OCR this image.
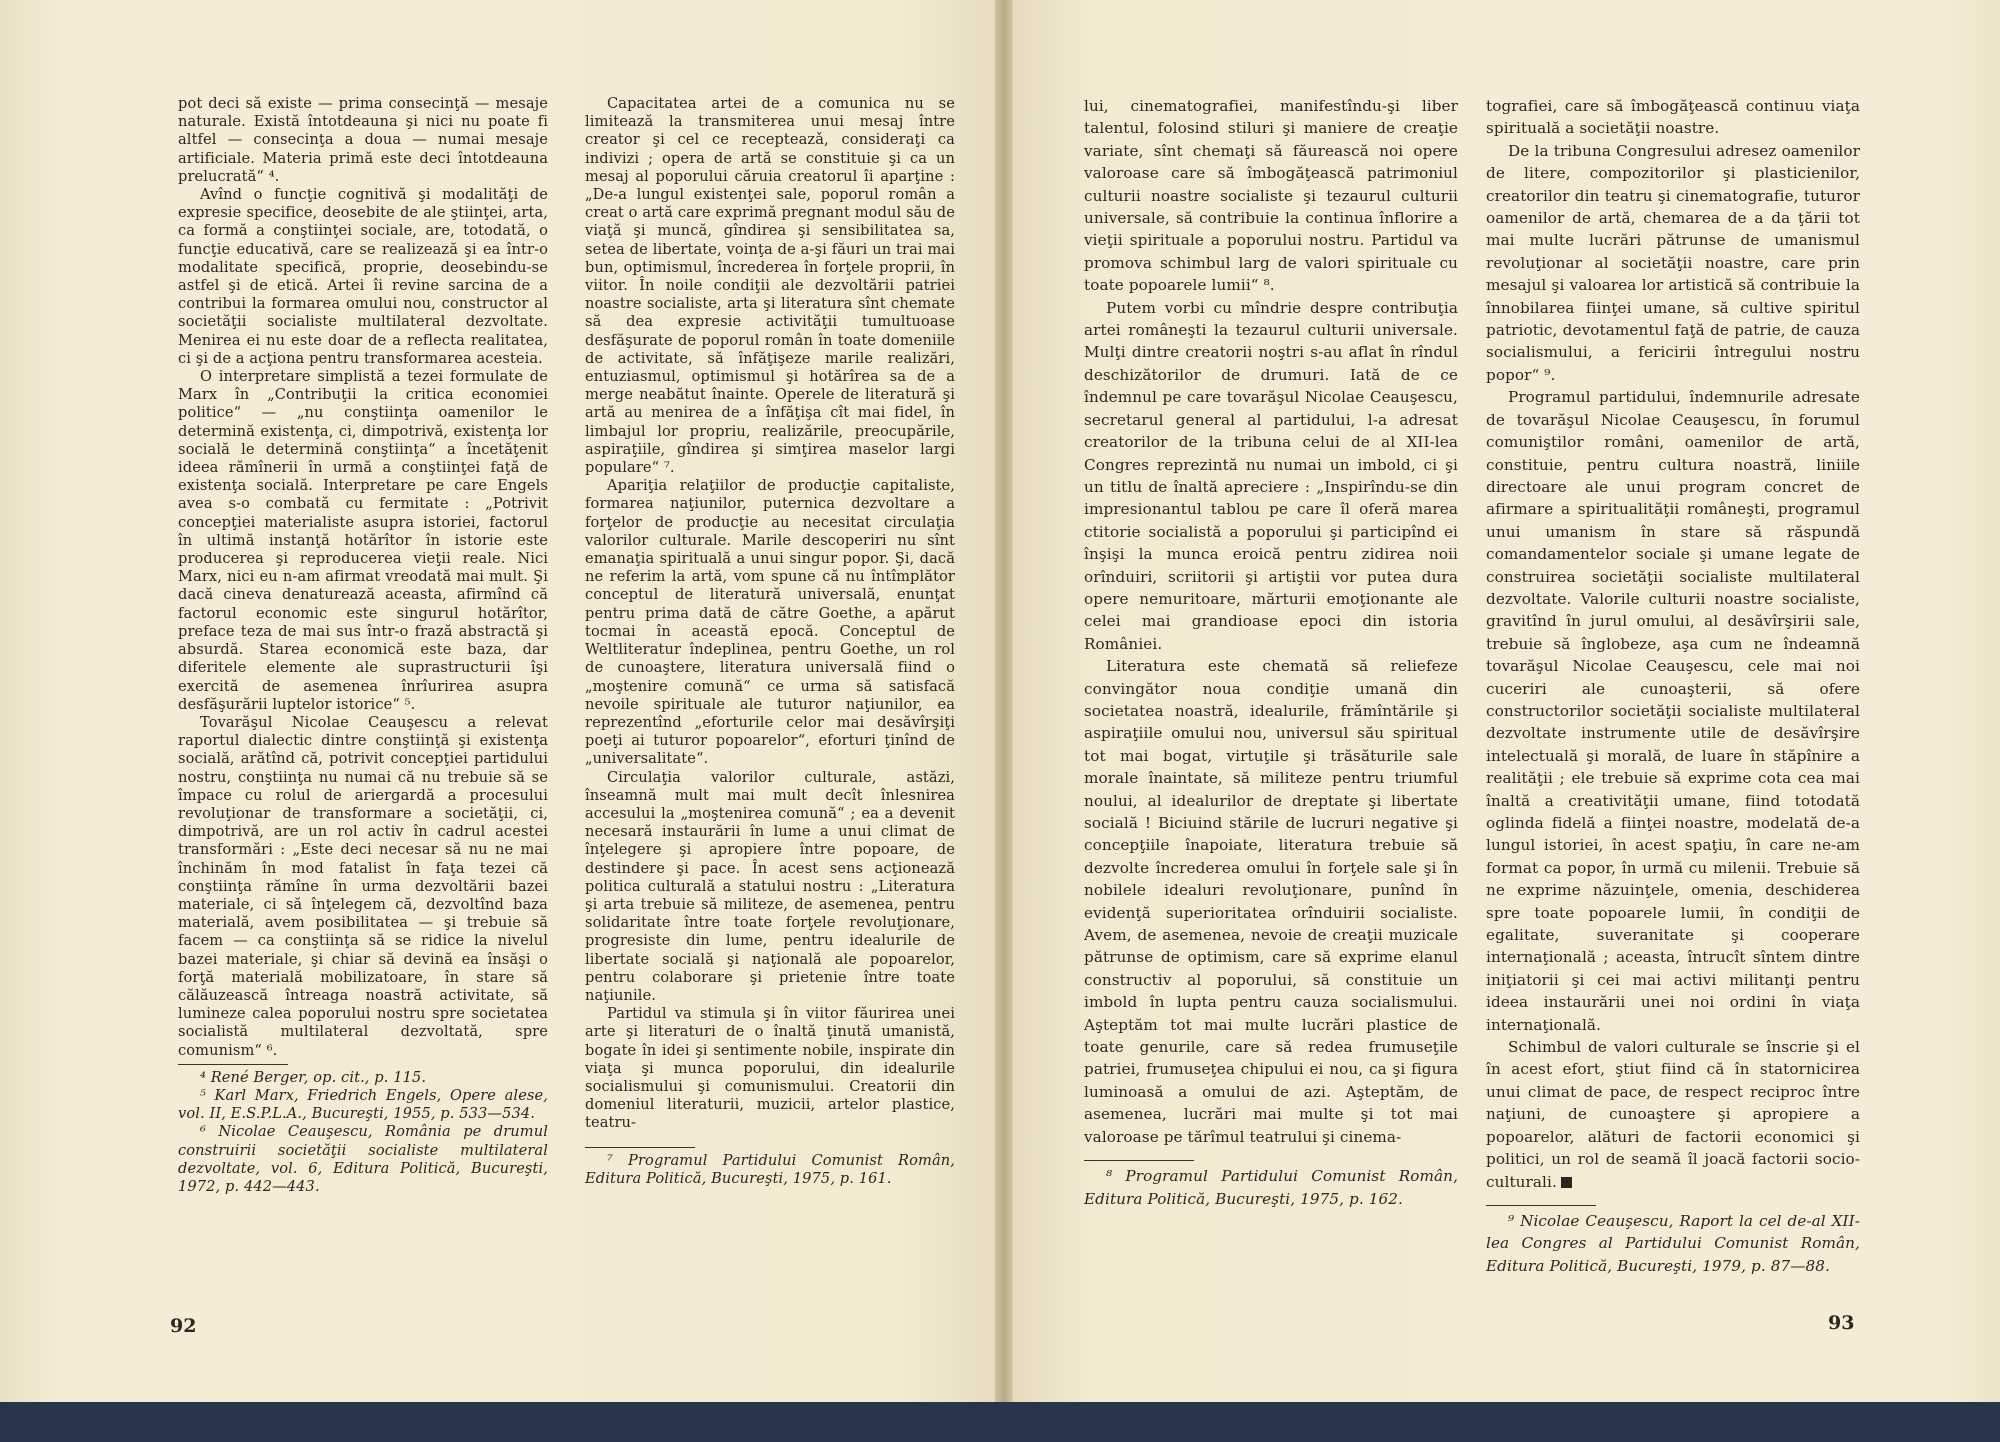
pot deci să existe — prima consecinţă — mesaje naturale. Există întotdeauna şi nici nu poate fi altfel — consecinţa a doua — numai mesaje artificiale. Materia primă este deci întotdeauna prelucrată“ ⁴.

Avînd o funcţie cognitivă şi modalităţi de expresie specifice, deosebite de ale ştiinţei, arta, ca formă a conştiinţei sociale, are, totodată, o funcţie educativă, care se realizează şi ea într-o modalitate specifică, proprie, deosebindu-se astfel şi de etică. Artei îi revine sarcina de a contribui la formarea omului nou, constructor al societăţii socialiste multilateral dezvoltate. Menirea ei nu este doar de a reflecta realitatea, ci şi de a acţiona pentru transformarea acesteia.

O interpretare simplistă a tezei formulate de Marx în „Contribuţii la critica economiei politice“ — „nu conştiinţa oamenilor le determină existenţa, ci, dimpotrivă, existenţa lor socială le determină conştiinţa“ a încetăţenit ideea rămînerii în urmă a conştiinţei faţă de existenţa socială. Interpretare pe care Engels avea s-o combată cu fermitate : „Potrivit concepţiei materialiste asupra istoriei, factorul în ultimă instanţă hotărîtor în istorie este producerea şi reproducerea vieţii reale. Nici Marx, nici eu n-am afirmat vreodată mai mult. Şi dacă cineva denaturează aceasta, afirmînd că factorul economic este singurul hotărîtor, preface teza de mai sus într-o frază abstractă şi absurdă. Starea economică este baza, dar diferitele elemente ale suprastructurii îşi exercită de asemenea înrîurirea asupra desfăşurării luptelor istorice“ ⁵.

Tovarăşul Nicolae Ceauşescu a relevat raportul dialectic dintre conştiinţă şi existenţa socială, arătînd că, potrivit concepţiei partidului nostru, conştiinţa nu numai că nu trebuie să se împace cu rolul de ariergardă a procesului revoluţionar de transformare a societăţii, ci, dimpotrivă, are un rol activ în cadrul acestei transformări : „Este deci necesar să nu ne mai închinăm în mod fatalist în faţa tezei că conştiinţa rămîne în urma dezvoltării bazei materiale, ci să înţelegem că, dezvoltînd baza materială, avem posibilitatea — şi trebuie să facem — ca conştiinţa să se ridice la nivelul bazei materiale, şi chiar să devină ea însăşi o forţă materială mobilizatoare, în stare să călăuzească întreaga noastră activitate, să lumineze calea poporului nostru spre societatea socialistă multilateral dezvoltată, spre comunism“ ⁶.

⁴ René Berger, op. cit., p. 115.

⁵ Karl Marx, Friedrich Engels, Opere alese, vol. II, E.S.P.L.A., Bucureşti, 1955, p. 533—534.

⁶ Nicolae Ceauşescu, România pe drumul construirii societăţii socialiste multilateral dezvoltate, vol. 6, Editura Politică, Bucureşti, 1972, p. 442—443.

Capacitatea artei de a comunica nu se limitează la transmiterea unui mesaj între creator şi cel ce recepteazǎ, consideraţi ca indivizi ; opera de artă se constituie şi ca un mesaj al poporului căruia creatorul îi aparţine : „De-a lungul existenţei sale, poporul român a creat o artă care exprimă pregnant modul său de viaţă şi muncă, gîndirea şi sensibilitatea sa, setea de libertate, voinţa de a-şi făuri un trai mai bun, optimismul, încrederea în forţele proprii, în viitor. În noile condiţii ale dezvoltării patriei noastre socialiste, arta şi literatura sînt chemate să dea expresie activităţii tumultuoase desfăşurate de poporul român în toate domeniile de activitate, să înfăţişeze marile realizări, entuziasmul, optimismul şi hotărîrea sa de a merge neabătut înainte. Operele de literatură şi artă au menirea de a înfăţişa cît mai fidel, în limbajul lor propriu, realizările, preocupările, aspiraţiile, gîndirea şi simţirea maselor largi populare“ ⁷.

Apariţia relaţiilor de producţie capitaliste, formarea naţiunilor, puternica dezvoltare a forţelor de producţie au necesitat circulaţia valorilor culturale. Marile descoperiri nu sînt emanaţia spirituală a unui singur popor. Şi, dacă ne referim la artă, vom spune că nu întîmplător conceptul de literatură universală, enunţat pentru prima dată de către Goethe, a apărut tocmai în această epocă. Conceptul de Weltliteratur îndeplinea, pentru Goethe, un rol de cunoaştere, literatura universală fiind o „moştenire comună“ ce urma să satisfacă nevoile spirituale ale tuturor naţiunilor, ea reprezentînd „eforturile celor mai desăvîrşiţi poeţi ai tuturor popoarelor“, eforturi ţinînd de „universalitate“.

Circulaţia valorilor culturale, astăzi, înseamnă mult mai mult decît înlesnirea accesului la „moştenirea comună“ ; ea a devenit necesară instaurării în lume a unui climat de înţelegere şi apropiere între popoare, de destindere şi pace. În acest sens acţionează politica culturală a statului nostru : „Literatura şi arta trebuie să militeze, de asemenea, pentru solidaritate între toate forţele revoluţionare, progresiste din lume, pentru idealurile de libertate socială şi naţională ale popoarelor, pentru colaborare şi prietenie între toate naţiunile.

Partidul va stimula şi în viitor făurirea unei arte şi literaturi de o înaltă ţinută umanistă, bogate în idei şi sentimente nobile, inspirate din viaţa şi munca poporului, din idealurile socialismului şi comunismului. Creatorii din domeniul literaturii, muzicii, artelor plastice, teatru-

⁷ Programul Partidului Comunist Român, Editura Politică, Bucureşti, 1975, p. 161.

92

lui, cinematografiei, manifestîndu-şi liber talentul, folosind stiluri şi maniere de creaţie variate, sînt chemaţi să făurească noi opere valoroase care să îmbogăţească patrimoniul culturii noastre socialiste şi tezaurul culturii universale, să contribuie la continua înflorire a vieţii spirituale a poporului nostru. Partidul va promova schimbul larg de valori spirituale cu toate popoarele lumii“ ⁸.

Putem vorbi cu mîndrie despre contribuţia artei româneşti la tezaurul culturii universale. Mulţi dintre creatorii noştri s-au aflat în rîndul deschizătorilor de drumuri. Iată de ce îndemnul pe care tovarăşul Nicolae Ceauşescu, secretarul general al partidului, l-a adresat creatorilor de la tribuna celui de al XII-lea Congres reprezintă nu numai un imbold, ci şi un titlu de înaltă apreciere : „Inspirîndu-se din impresionantul tablou pe care îl oferă marea ctitorie socialistă a poporului şi participînd ei înşişi la munca eroică pentru zidirea noii orînduiri, scriitorii şi artiştii vor putea dura opere nemuritoare, mărturii emoţionante ale celei mai grandioase epoci din istoria României.

Literatura este chemată să reliefeze convingător noua condiţie umană din societatea noastră, idealurile, frămîntările şi aspiraţiile omului nou, universul său spiritual tot mai bogat, virtuţile şi trăsăturile sale morale înaintate, să militeze pentru triumful noului, al idealurilor de dreptate şi libertate socială ! Biciuind stările de lucruri negative şi concepţiile înapoiate, literatura trebuie să dezvolte încrederea omului în forţele sale şi în nobilele idealuri revoluţionare, punînd în evidenţă superioritatea orînduirii socialiste. Avem, de asemenea, nevoie de creaţii muzicale pătrunse de optimism, care să exprime elanul constructiv al poporului, să constituie un imbold în lupta pentru cauza socialismului. Aşteptăm tot mai multe lucrări plastice de toate genurile, care să redea frumuseţile patriei, frumuseţea chipului ei nou, ca şi figura luminoasă a omului de azi. Aşteptăm, de asemenea, lucrări mai multe şi tot mai valoroase pe tărîmul teatrului şi cinema-

⁸ Programul Partidului Comunist Român, Editura Politică, Bucureşti, 1975, p. 162.

tografiei, care să îmbogăţească continuu viaţa spirituală a societăţii noastre.

De la tribuna Congresului adresez oamenilor de litere, compozitorilor şi plasticienilor, creatorilor din teatru şi cinematografie, tuturor oamenilor de artă, chemarea de a da ţării tot mai multe lucrări pătrunse de umanismul revoluţionar al societăţii noastre, care prin mesajul şi valoarea lor artistică să contribuie la înnobilarea fiinţei umane, să cultive spiritul patriotic, devotamentul faţă de patrie, de cauza socialismului, a fericirii întregului nostru popor“ ⁹.

Programul partidului, îndemnurile adresate de tovarăşul Nicolae Ceauşescu, în forumul comuniştilor români, oamenilor de artă, constituie, pentru cultura noastră, liniile directoare ale unui program concret de afirmare a spiritualităţii româneşti, programul unui umanism în stare să răspundă comandamentelor sociale şi umane legate de construirea societăţii socialiste multilateral dezvoltate. Valorile culturii noastre socialiste, gravitînd în jurul omului, al desăvîrşirii sale, trebuie să înglobeze, aşa cum ne îndeamnă tovarăşul Nicolae Ceauşescu, cele mai noi cuceriri ale cunoaşterii, să ofere constructorilor societăţii socialiste multilateral dezvoltate instrumente utile de desăvîrşire intelectuală şi morală, de luare în stăpînire a realităţii ; ele trebuie să exprime cota cea mai înaltă a creativităţii umane, fiind totodată oglinda fidelă a fiinţei noastre, modelată de-a lungul istoriei, în acest spaţiu, în care ne-am format ca popor, în urmă cu milenii. Trebuie să ne exprime năzuinţele, omenia, deschiderea spre toate popoarele lumii, în condiţii de egalitate, suveranitate şi cooperare internaţională ; aceasta, întrucît sîntem dintre iniţiatorii şi cei mai activi militanţi pentru ideea instaurării unei noi ordini în viaţa internaţională.

Schimbul de valori culturale se înscrie şi el în acest efort, ştiut fiind că în statornicirea unui climat de pace, de respect reciproc între naţiuni, de cunoaştere şi apropiere a popoarelor, alături de factorii economici şi politici, un rol de seamă îl joacă factorii socio-culturali.

⁹ Nicolae Ceauşescu, Raport la cel de-al XII-lea Congres al Partidului Comunist Român, Editura Politică, Bucureşti, 1979, p. 87—88.

93
